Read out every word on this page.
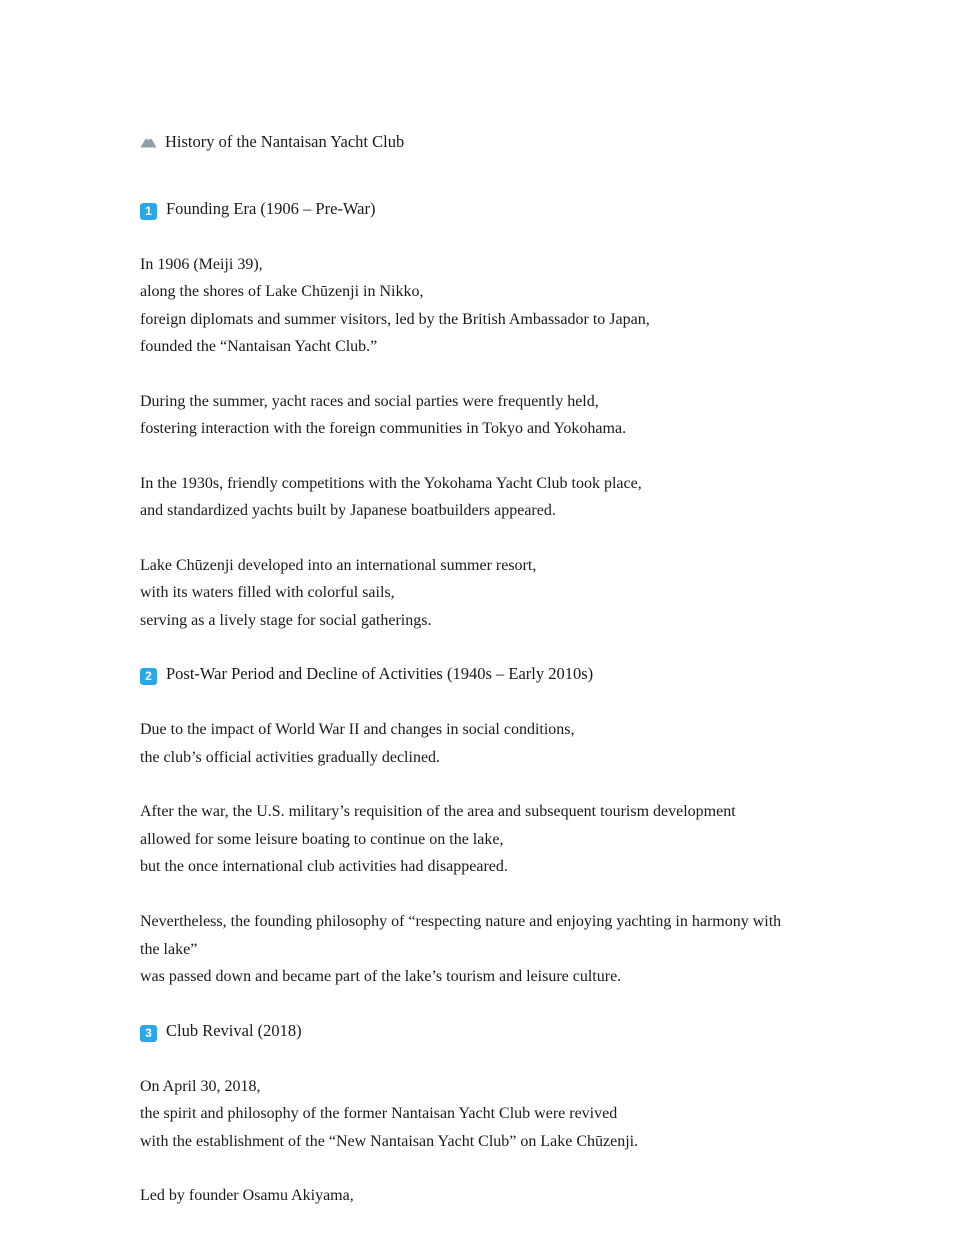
History of the Nantaisan Yacht Club
1 Founding Era (1906 – Pre-War)

In 1906 (Meiji 39),
along the shores of Lake Chūzenji in Nikko,
foreign diplomats and summer visitors, led by the British Ambassador to Japan,
founded the “Nantaisan Yacht Club.”

During the summer, yacht races and social parties were frequently held,
fostering interaction with the foreign communities in Tokyo and Yokohama.

In the 1930s, friendly competitions with the Yokohama Yacht Club took place,
and standardized yachts built by Japanese boatbuilders appeared.

Lake Chūzenji developed into an international summer resort,
with its waters filled with colorful sails,
serving as a lively stage for social gatherings.

2 Post-War Period and Decline of Activities (1940s – Early 2010s)

Due to the impact of World War II and changes in social conditions,
the club’s official activities gradually declined.

After the war, the U.S. military’s requisition of the area and subsequent tourism development
allowed for some leisure boating to continue on the lake,
but the once international club activities had disappeared.

Nevertheless, the founding philosophy of “respecting nature and enjoying yachting in harmony with the lake”
was passed down and became part of the lake’s tourism and leisure culture.

3 Club Revival (2018)

On April 30, 2018,
the spirit and philosophy of the former Nantaisan Yacht Club were revived
with the establishment of the “New Nantaisan Yacht Club” on Lake Chūzenji.

Led by founder Osamu Akiyama,
